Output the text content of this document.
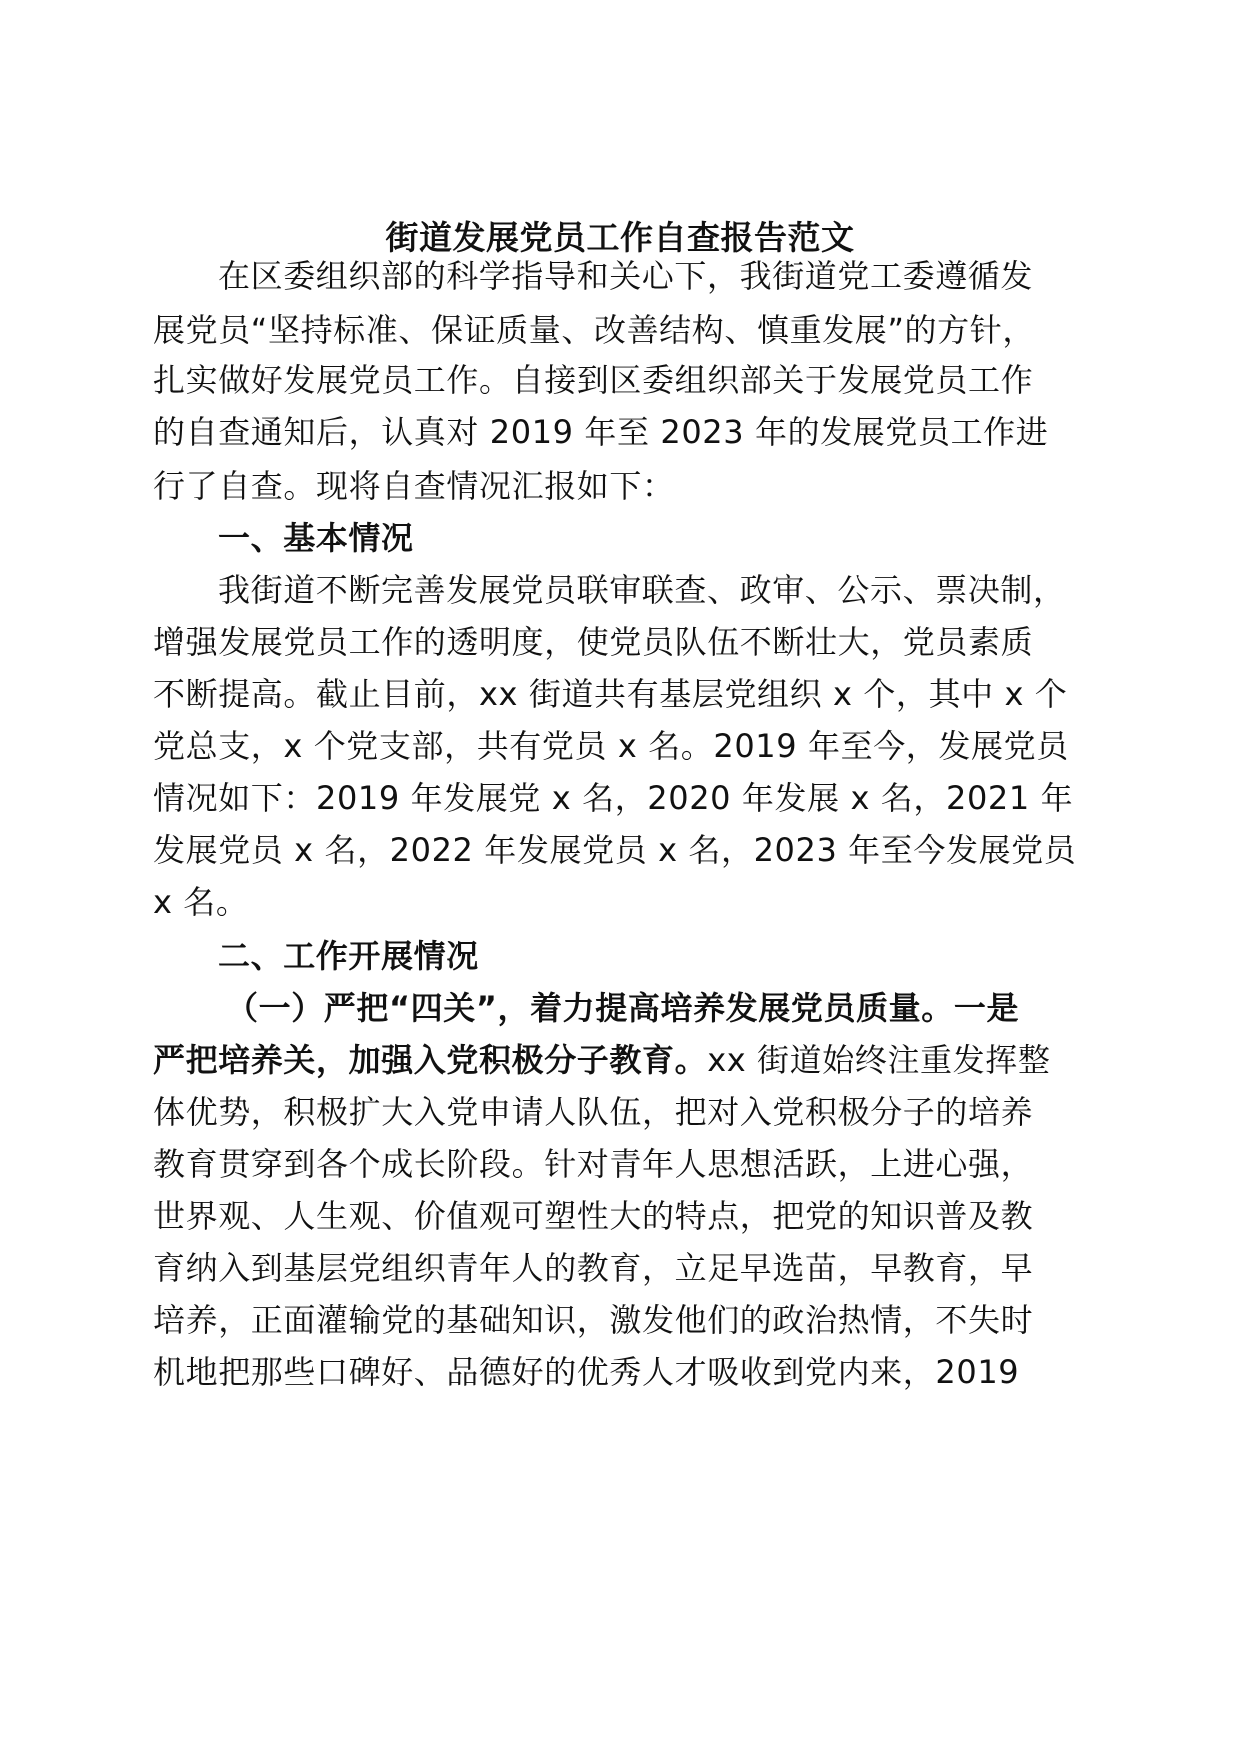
街道发展党员工作自查报告范文
在区委组织部的科学指导和关心下，我街道党工委遵循发
展党员“坚持标准、保证质量、改善结构、慎重发展”的方针，
扎实做好发展党员工作。自接到区委组织部关于发展党员工作
的自查通知后，认真对 2019 年至 2023 年的发展党员工作进
行了自查。现将自查情况汇报如下：
一、基本情况
我街道不断完善发展党员联审联查、政审、公示、票决制，
增强发展党员工作的透明度，使党员队伍不断壮大，党员素质
不断提高。截止目前，xx 街道共有基层党组织 x 个，其中 x 个
党总支，x 个党支部，共有党员 x 名。2019 年至今，发展党员
情况如下：2019 年发展党 x 名，2020 年发展 x 名，2021 年
发展党员 x 名，2022 年发展党员 x 名，2023 年至今发展党员
x 名。
二、工作开展情况
（一）严把“四关”，着力提高培养发展党员质量。一是
严把培养关，加强入党积极分子教育。xx 街道始终注重发挥整
体优势，积极扩大入党申请人队伍，把对入党积极分子的培养
教育贯穿到各个成长阶段。针对青年人思想活跃，上进心强，
世界观、人生观、价值观可塑性大的特点，把党的知识普及教
育纳入到基层党组织青年人的教育，立足早选苗，早教育，早
培养，正面灌输党的基础知识，激发他们的政治热情，不失时
机地把那些口碑好、品德好的优秀人才吸收到党内来，2019
